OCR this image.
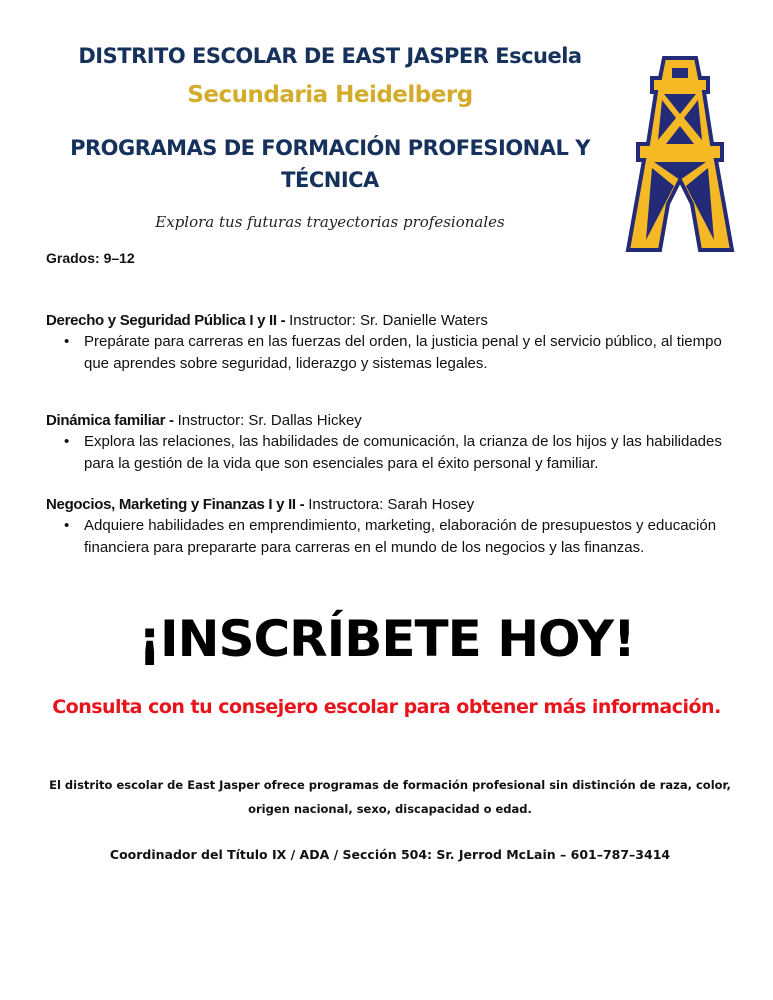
DISTRITO ESCOLAR DE EAST JASPER Escuela
Secundaria Heidelberg
PROGRAMAS DE FORMACIÓN PROFESIONAL Y
TÉCNICA
Explora tus futuras trayectorias profesionales
Grados: 9–12
Derecho y Seguridad Pública I y II - Instructor: Sr. Danielle Waters
• Prepárate para carreras en las fuerzas del orden, la justicia penal y el servicio público, al tiempo que aprendes sobre seguridad, liderazgo y sistemas legales.
Dinámica familiar - Instructor: Sr. Dallas Hickey
• Explora las relaciones, las habilidades de comunicación, la crianza de los hijos y las habilidades para la gestión de la vida que son esenciales para el éxito personal y familiar.
Negocios, Marketing y Finanzas I y II - Instructora: Sarah Hosey
• Adquiere habilidades en emprendimiento, marketing, elaboración de presupuestos y educación financiera para prepararte para carreras en el mundo de los negocios y las finanzas.
¡INSCRÍBETE HOY!
Consulta con tu consejero escolar para obtener más información.
El distrito escolar de East Jasper ofrece programas de formación profesional sin distinción de raza, color, origen nacional, sexo, discapacidad o edad.
Coordinador del Título IX / ADA / Sección 504: Sr. Jerrod McLain – 601–787–3414
